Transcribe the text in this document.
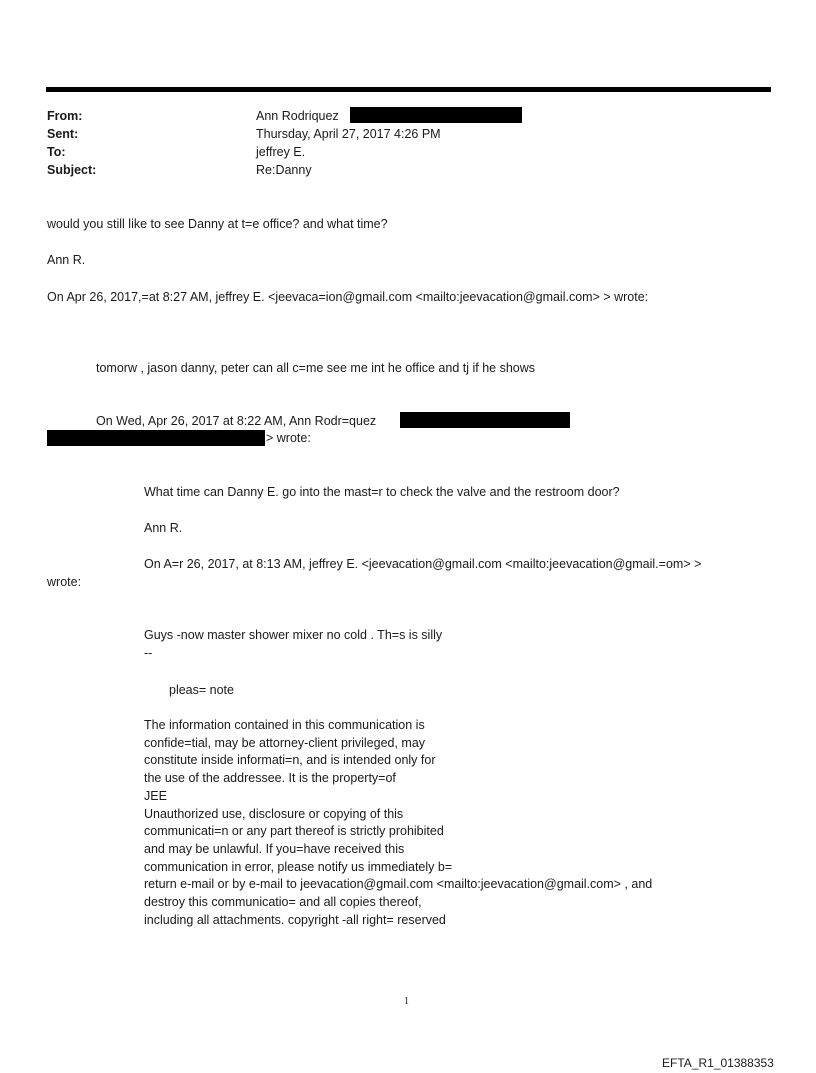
From:	Ann Rodriquez
Sent:	Thursday, April 27, 2017 4:26 PM
To:	jeffrey E.
Subject:	Re:Danny
would you still like to see Danny at t=e office? and what time?
Ann R.
On Apr 26, 2017,=at 8:27 AM, jeffrey E. <jeevaca=ion@gmail.com <mailto:jeevacation@gmail.com> > wrote:
tomorw , jason danny, peter can all c=me see me int he office and tj if he shows
On Wed, Apr 26, 2017 at 8:22 AM, Ann Rodr=quez
> wrote:
What time can Danny E. go into the mast=r to check the valve and the restroom door?
Ann R.
On A=r 26, 2017, at 8:13 AM, jeffrey E. <jeevacation@gmail.com <mailto:jeevacation@gmail.=om> >
wrote:
Guys -now master shower mixer no cold . Th=s is silly
--
pleas= note
The information contained in this communication is
confide=tial, may be attorney-client privileged, may
constitute inside informati=n, and is intended only for
the use of the addressee. It is the property=of
JEE
Unauthorized use, disclosure or copying of this
communicati=n or any part thereof is strictly prohibited
and may be unlawful. If you=have received this
communication in error, please notify us immediately b=
return e-mail or by e-mail to jeevacation@gmail.com <mailto:jeevacation@gmail.com> , and
destroy this communicatio= and all copies thereof,
including all attachments. copyright -all right= reserved
1
EFTA_R1_01388353
